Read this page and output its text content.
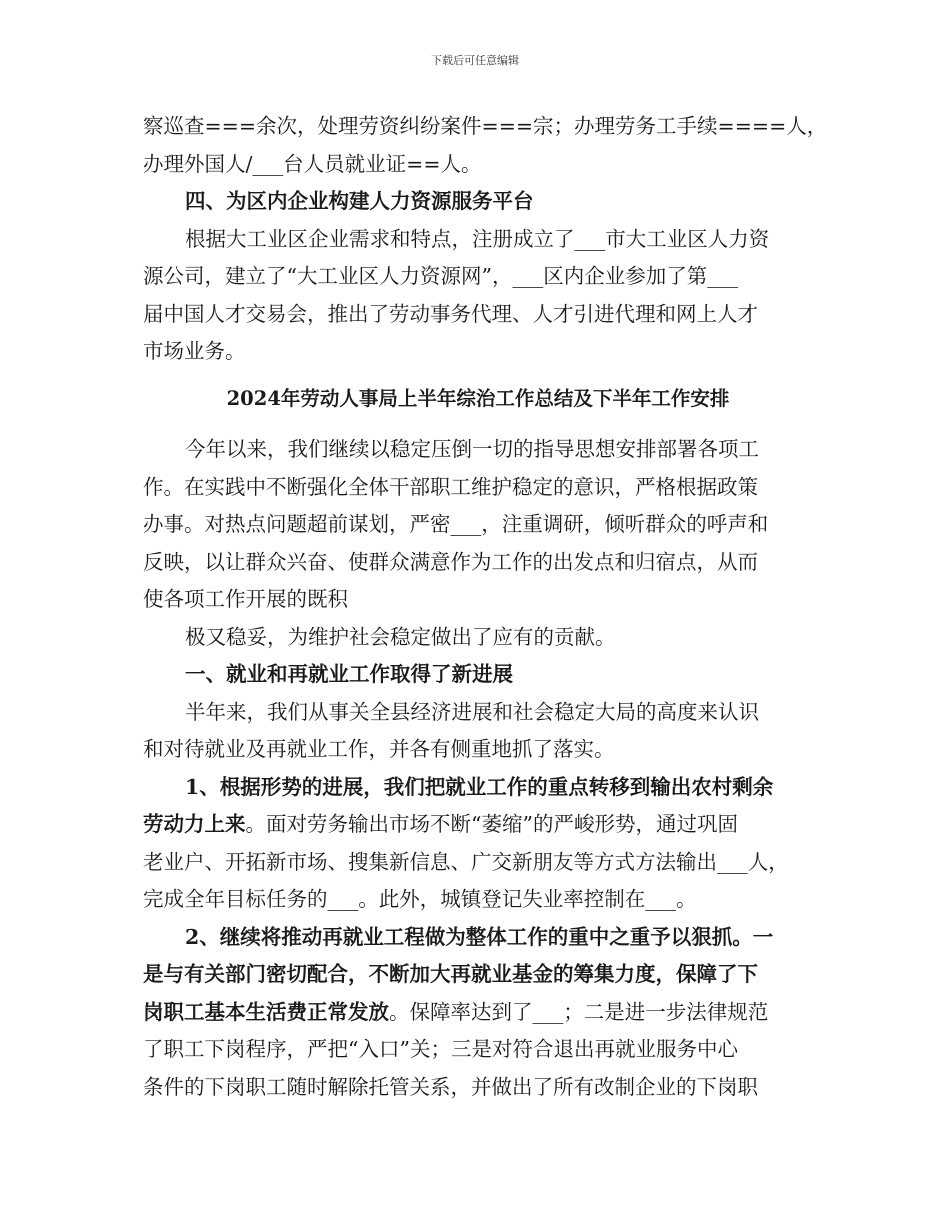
下载后可任意编辑
察巡查===余次，处理劳资纠纷案件===宗；办理劳务工手续====人，
办理外国人/___台人员就业证==人。
四、为区内企业构建人力资源服务平台
根据大工业区企业需求和特点，注册成立了___市大工业区人力资
源公司，建立了“大工业区人力资源网”，___区内企业参加了第___
届中国人才交易会，推出了劳动事务代理、人才引进代理和网上人才
市场业务。
2024年劳动人事局上半年综治工作总结及下半年工作安排
今年以来，我们继续以稳定压倒一切的指导思想安排部署各项工
作。在实践中不断强化全体干部职工维护稳定的意识，严格根据政策
办事。对热点问题超前谋划，严密___，注重调研，倾听群众的呼声和
反映，以让群众兴奋、使群众满意作为工作的出发点和归宿点，从而
使各项工作开展的既积
极又稳妥，为维护社会稳定做出了应有的贡献。
一、就业和再就业工作取得了新进展
半年来，我们从事关全县经济进展和社会稳定大局的高度来认识
和对待就业及再就业工作，并各有侧重地抓了落实。
1、根据形势的进展，我们把就业工作的重点转移到输出农村剩余
劳动力上来。面对劳务输出市场不断“萎缩”的严峻形势，通过巩固
老业户、开拓新市场、搜集新信息、广交新朋友等方式方法输出___人，
完成全年目标任务的___。此外，城镇登记失业率控制在___。
2、继续将推动再就业工程做为整体工作的重中之重予以狠抓。一
是与有关部门密切配合，不断加大再就业基金的筹集力度，保障了下
岗职工基本生活费正常发放。保障率达到了___；二是进一步法律规范
了职工下岗程序，严把“入口”关；三是对符合退出再就业服务中心
条件的下岗职工随时解除托管关系，并做出了所有改制企业的下岗职
